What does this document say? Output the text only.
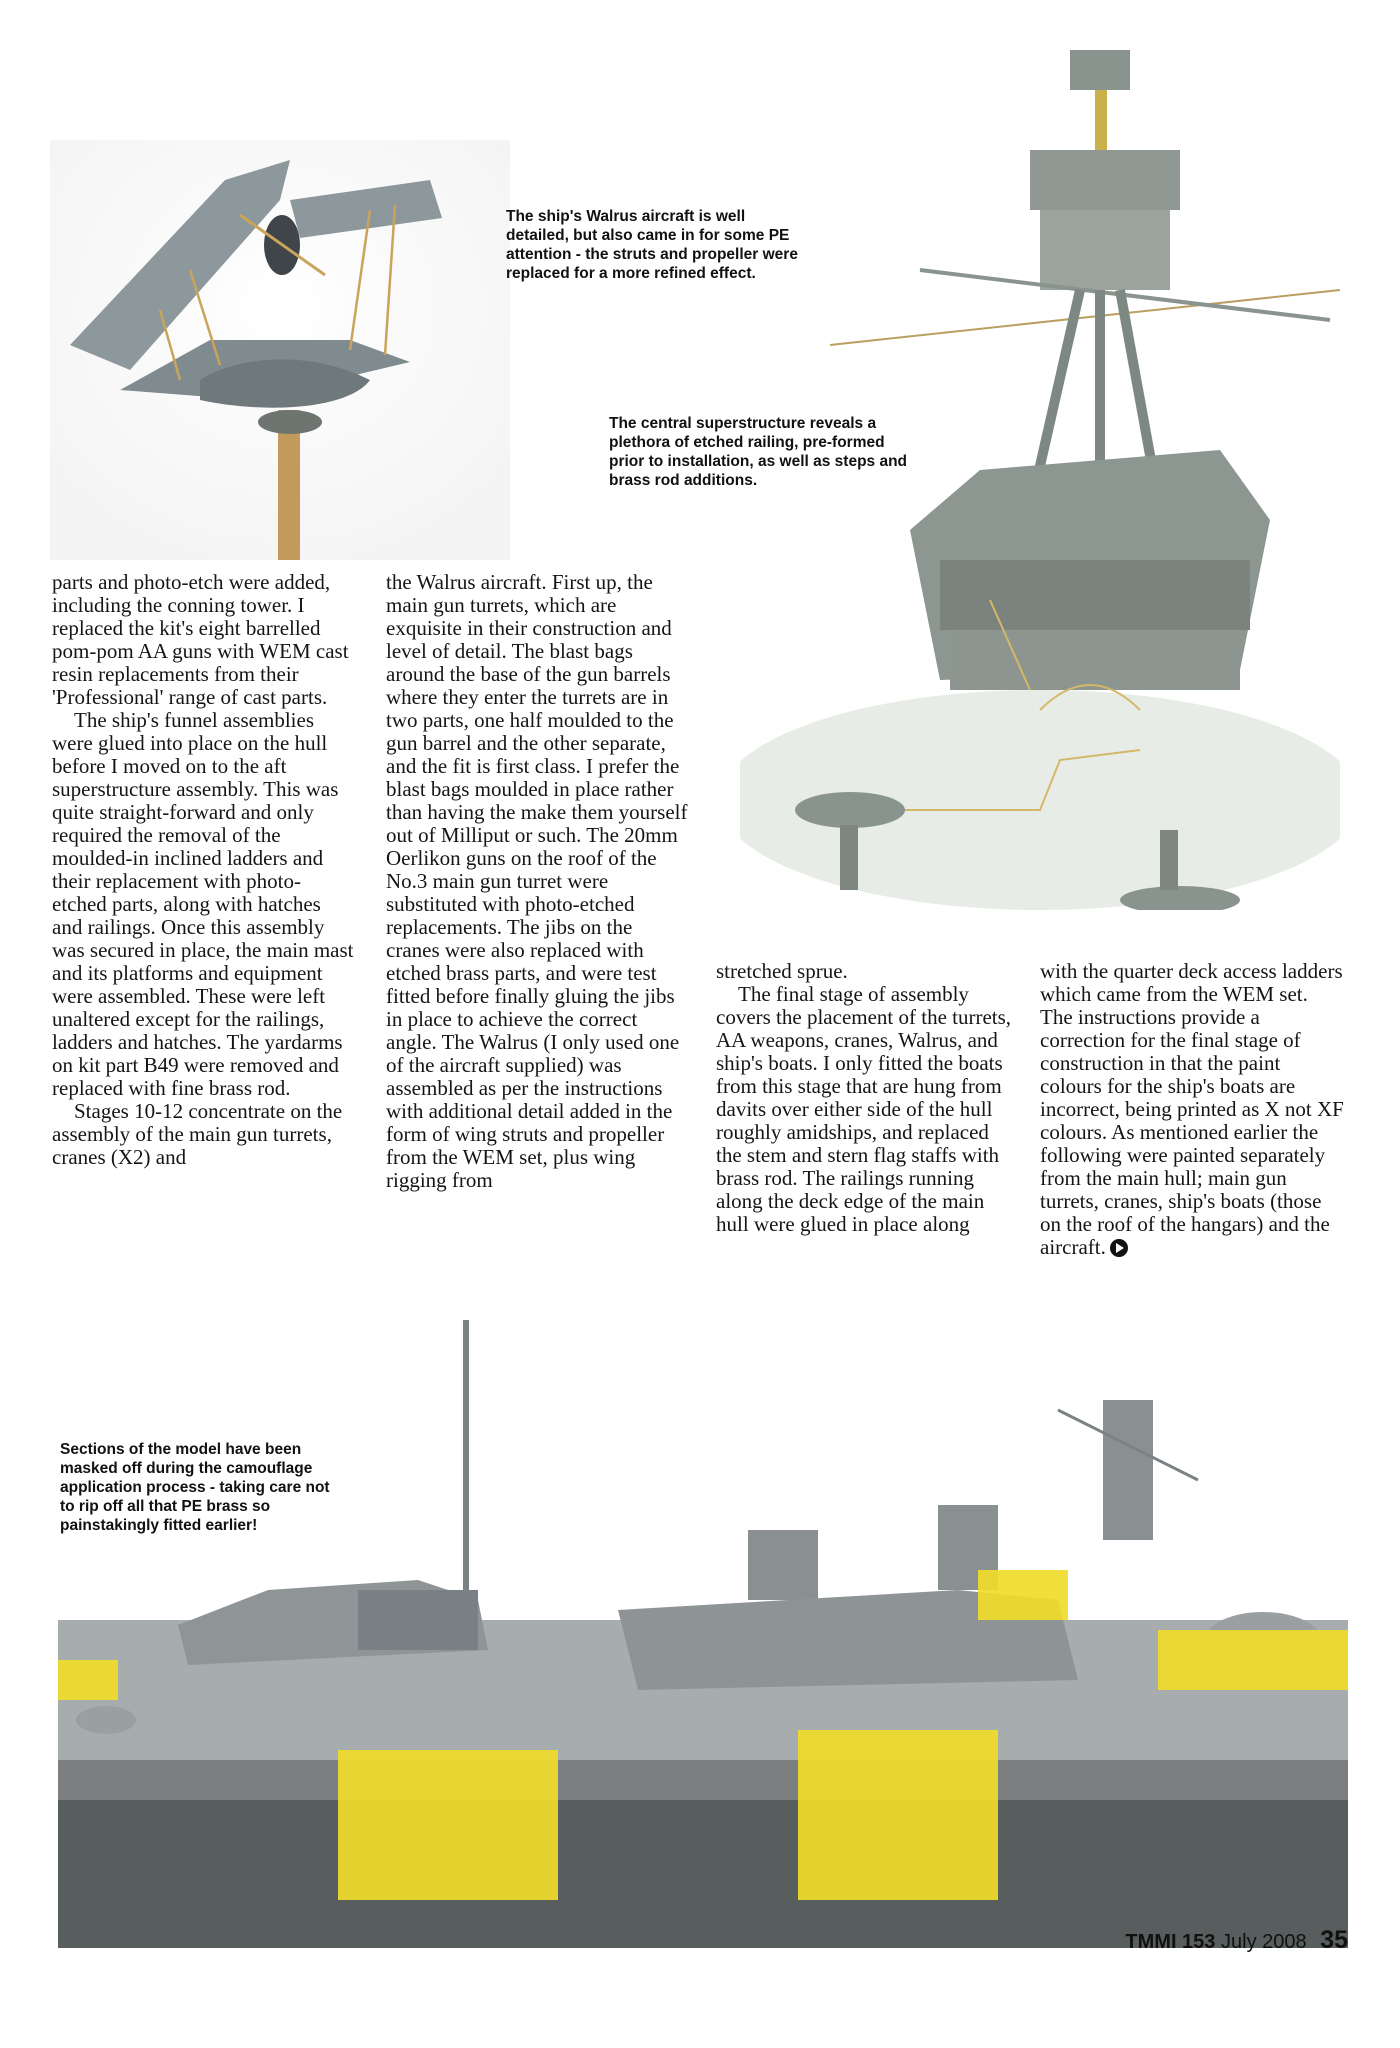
The ship's Walrus aircraft is well detailed, but also came in for some PE attention - the struts and propeller were replaced for a more refined effect.
The central superstructure reveals a plethora of etched railing, pre-formed prior to installation, as well as steps and brass rod additions.
Sections of the model have been masked off during the camouflage application process - taking care not to rip off all that PE brass so painstakingly fitted earlier!

parts and photo-etch were added, including the conning tower. I replaced the kit's eight barrelled pom-pom AA guns with WEM cast resin replacements from their 'Professional' range of cast parts.

The ship's funnel assemblies were glued into place on the hull before I moved on to the aft superstructure assembly. This was quite straight-forward and only required the removal of the moulded-in inclined ladders and their replacement with photo-etched parts, along with hatches and railings. Once this assembly was secured in place, the main mast and its platforms and equipment were assembled. These were left unaltered except for the railings, ladders and hatches. The yardarms on kit part B49 were removed and replaced with fine brass rod.

Stages 10-12 concentrate on the assembly of the main gun turrets, cranes (X2) and

the Walrus aircraft. First up, the main gun turrets, which are exquisite in their construction and level of detail. The blast bags around the base of the gun barrels where they enter the turrets are in two parts, one half moulded to the gun barrel and the other separate, and the fit is first class. I prefer the blast bags moulded in place rather than having the make them yourself out of Milliput or such. The 20mm Oerlikon guns on the roof of the No.3 main gun turret were substituted with photo-etched replacements. The jibs on the cranes were also replaced with etched brass parts, and were test fitted before finally gluing the jibs in place to achieve the correct angle. The Walrus (I only used one of the aircraft supplied) was assembled as per the instructions with additional detail added in the form of wing struts and propeller from the WEM set, plus wing rigging from

stretched sprue.

The final stage of assembly covers the placement of the turrets, AA weapons, cranes, Walrus, and ship's boats. I only fitted the boats from this stage that are hung from davits over either side of the hull roughly amidships, and replaced the stem and stern flag staffs with brass rod. The railings running along the deck edge of the main hull were glued in place along

with the quarter deck access ladders which came from the WEM set. The instructions provide a correction for the final stage of construction in that the paint colours for the ship's boats are incorrect, being printed as X not XF colours. As mentioned earlier the following were painted separately from the main hull; main gun turrets, cranes, ship's boats (those on the roof of the hangars) and the aircraft.

TMMI 153 July 2008 35
